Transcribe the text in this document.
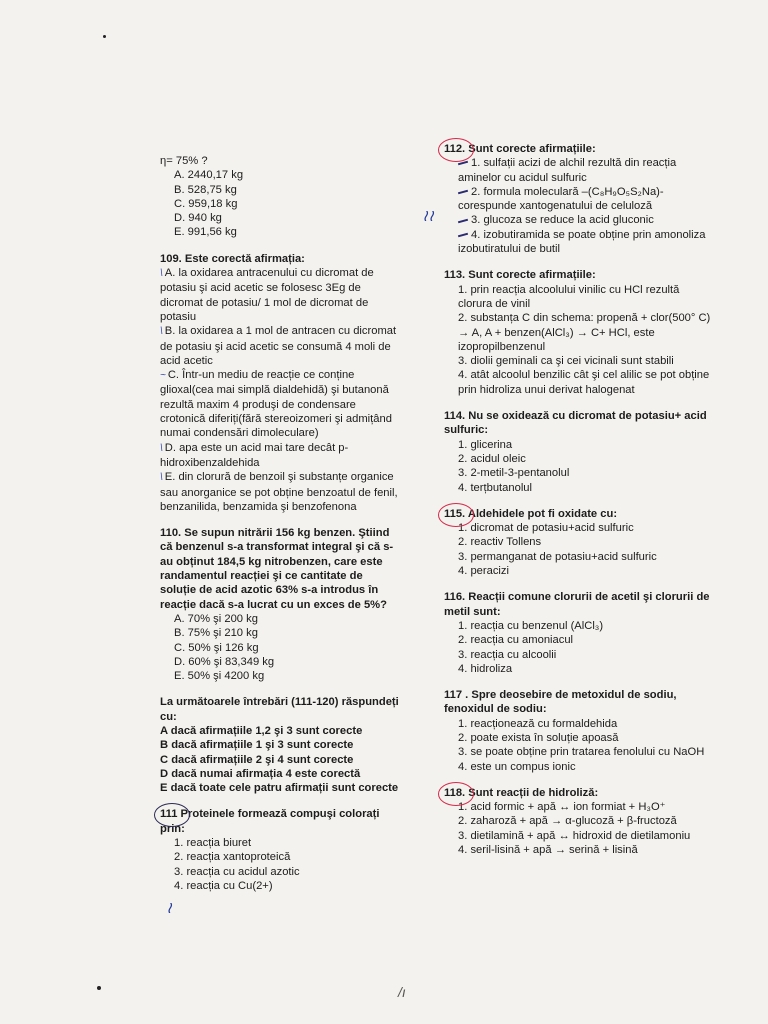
η= 75% ?
A. 2440,17 kg
B. 528,75 kg
C. 959,18 kg
D. 940 kg
E. 991,56 kg
109. Este corectă afirmația:
\ A. la oxidarea antracenului cu dicromat de potasiu şi acid acetic se folosesc 3Eg de dicromat de potasiu/ 1 mol de dicromat de potasiu
\ B. la oxidarea a 1 mol de antracen cu dicromat de potasiu şi acid acetic se consumă 4 moli de acid acetic
~ C. Într-un mediu de reacție ce conține glioxal(cea mai simplă dialdehidă) şi butanonă rezultă maxim 4 produşi de condensare crotonică diferiți(fără stereoizomeri şi admițând numai condensări dimoleculare)
\ D. apa este un acid mai tare decât p-hidroxibenzaldehida
\ E. din clorură de benzoil şi substanțe organice sau anorganice se pot obține benzoatul de fenil, benzanilida, benzamida şi benzofenona
110. Se supun nitrării 156 kg benzen. Ştiind că benzenul s-a transformat integral şi că s-au obținut 184,5 kg nitrobenzen, care este randamentul reacției şi ce cantitate de soluție de acid azotic 63% s-a introdus în reacție dacă s-a lucrat cu un exces de 5%?
A. 70% şi 200 kg
B. 75% şi 210 kg
C. 50% şi 126 kg
D. 60% şi 83,349 kg
E. 50% şi 4200 kg
La următoarele întrebări (111-120) răspundeți cu:
A dacă afirmațiile 1,2 şi 3 sunt corecte
B dacă afirmațiile 1 şi 3 sunt corecte
C dacă afirmațiile 2 şi 4 sunt corecte
D dacă numai afirmația 4 este corectă
E dacă toate cele patru afirmații sunt corecte
111 Proteinele formează compuşi colorați prin:
1. reacția biuret
2. reacția xantoproteică
3. reacția cu acidul azotic
4. reacția cu Cu(2+)
112. Sunt corecte afirmațiile:
1. sulfații acizi de alchil rezultă din reacția aminelor cu acidul sulfuric
2. formula moleculară –(C₈H₉O₅S₂Na)- corespunde xantogenatului de celuloză
3. glucoza se reduce la acid gluconic
4. izobutiramida se poate obține prin amonoliza izobutiratului de butil
113. Sunt corecte afirmațiile:
1. prin reacția alcoolului vinilic cu HCl rezultă clorura de vinil
2. substanța C din schema: propenă + clor(500° C) → A, A + benzen(AlCl₃) → C+ HCl, este izopropilbenzenul
3. diolii geminali ca şi cei vicinali sunt stabili
4. atât alcoolul benzilic cât şi cel alilic se pot obține prin hidroliza unui derivat halogenat
114. Nu se oxidează cu dicromat de potasiu+ acid sulfuric:
1. glicerina
2. acidul oleic
3. 2-metil-3-pentanolul
4. terțbutanolul
115. Aldehidele pot fi oxidate cu:
1. dicromat de potasiu+acid sulfuric
2. reactiv Tollens
3. permanganat de potasiu+acid sulfuric
4. peracizi
116. Reacții comune clorurii de acetil şi clorurii de metil sunt:
1. reacția cu benzenul (AlCl₃)
2. reacția cu amoniacul
3. reacția cu alcoolii
4. hidroliza
117 . Spre deosebire de metoxidul de sodiu, fenoxidul de sodiu:
1. reacționează cu formaldehida
2. poate exista în soluție apoasă
3. se poate obține prin tratarea fenolului cu NaOH
4. este un compus ionic
118. Sunt reacții de hidroliză:
1. acid formic + apă ↔ ion formiat + H₃O⁺
2. zaharoză + apă → α-glucoză + β-fructoză
3. dietilamină + apă ↔ hidroxid de dietilamoniu
4. seril-lisină + apă → serină + lisină
≀≀
≀
/ı
